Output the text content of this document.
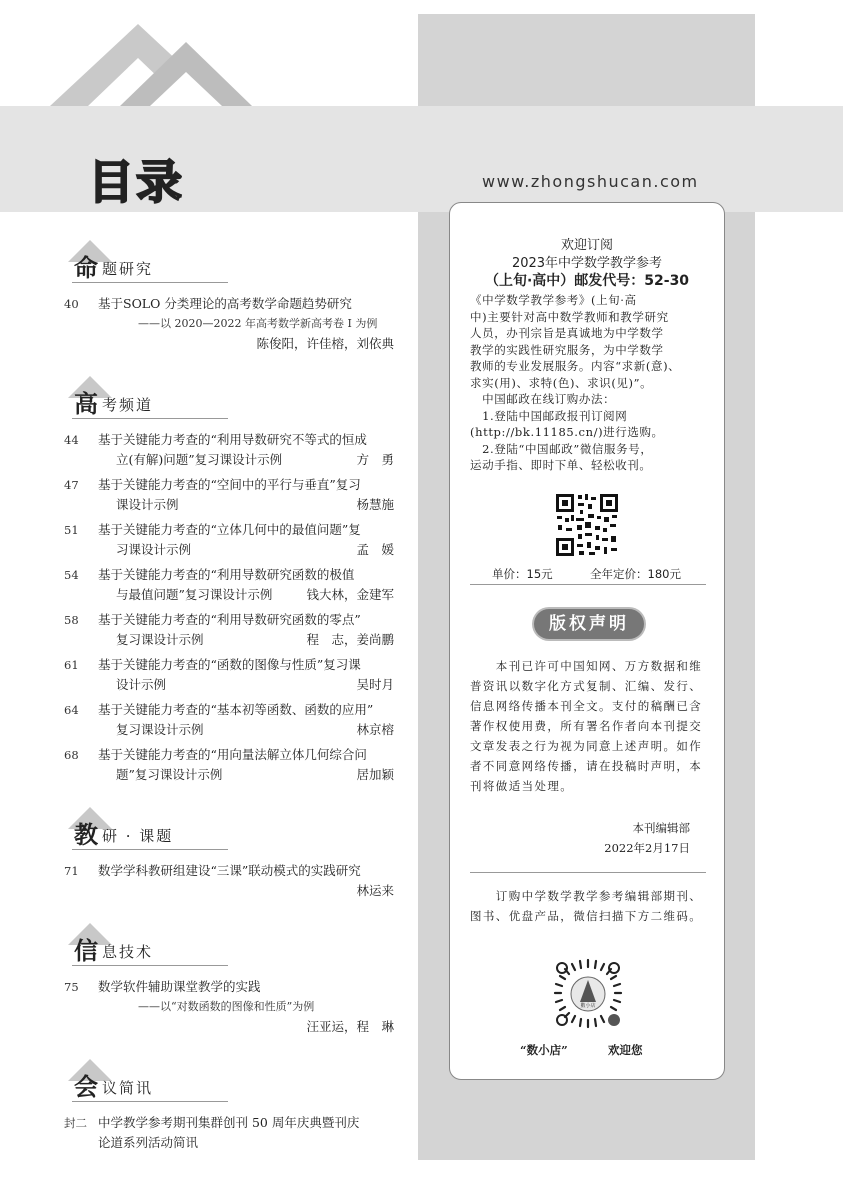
目录	www.zhongshucan.com
命 题研究
40	基于SOLO 分类理论的高考数学命题趋势研究
——以 2020—2022 年高考数学新高考卷 I 为例
陈俊阳，许佳榕，刘依典
高 考频道
44	基于关键能力考查的“利用导数研究不等式的恒成
立(有解)问题”复习课设计示例	方　勇
47	基于关键能力考查的“空间中的平行与垂直”复习
课设计示例	杨慧施
51	基于关键能力考查的“立体几何中的最值问题”复
习课设计示例	孟　媛
54	基于关键能力考查的“利用导数研究函数的极值
与最值问题”复习课设计示例	钱大林，金建军
58	基于关键能力考查的“利用导数研究函数的零点”
复习课设计示例	程　志，姜尚鹏
61	基于关键能力考查的“函数的图像与性质”复习课
设计示例	吴时月
64	基于关键能力考查的“基本初等函数、函数的应用”
复习课设计示例	林京榕
68	基于关键能力考查的“用向量法解立体几何综合问
题”复习课设计示例	居加颖
教 研 · 课题
71	数学学科教研组建设“三课”联动模式的实践研究
林运来
信 息技术
75	数学软件辅助课堂教学的实践
——以“对数函数的图像和性质”为例
汪亚运，程　琳
会 议简讯
封二 中学教学参考期刊集群创刊 50 周年庆典暨刊庆
论道系列活动简讯
欢迎订阅
2023年中学数学教学参考
（上旬·高中）邮发代号：52-30
《中学数学教学参考》(上旬·高
中)主要针对高中数学教师和教学研究
人员，办刊宗旨是真诚地为中学数学
教学的实践性研究服务，为中学数学
教师的专业发展服务。内容“求新(意)、
求实(用)、求特(色)、求识(见)”。
　中国邮政在线订购办法：
　1.登陆中国邮政报刊订阅网
(http://bk.11185.cn/)进行选购。
　2.登陆“中国邮政”微信服务号，
运动手指、即时下单、轻松收刊。
单价：15元	全年定价：180元
版权声明
　　本刊已许可中国知网、万方数据和维普资讯以数字化方式复制、汇编、发行、信息网络传播本刊全文。支付的稿酬已含著作权使用费，所有署名作者向本刊提交文章发表之行为视为同意上述声明。如作者不同意网络传播，请在投稿时声明，本刊将做适当处理。
本刊编辑部
2022年2月17日
　　订购中学数学教学参考编辑部期刊、图书、优盘产品，微信扫描下方二维码。
數小店
“数小店”	欢迎您
